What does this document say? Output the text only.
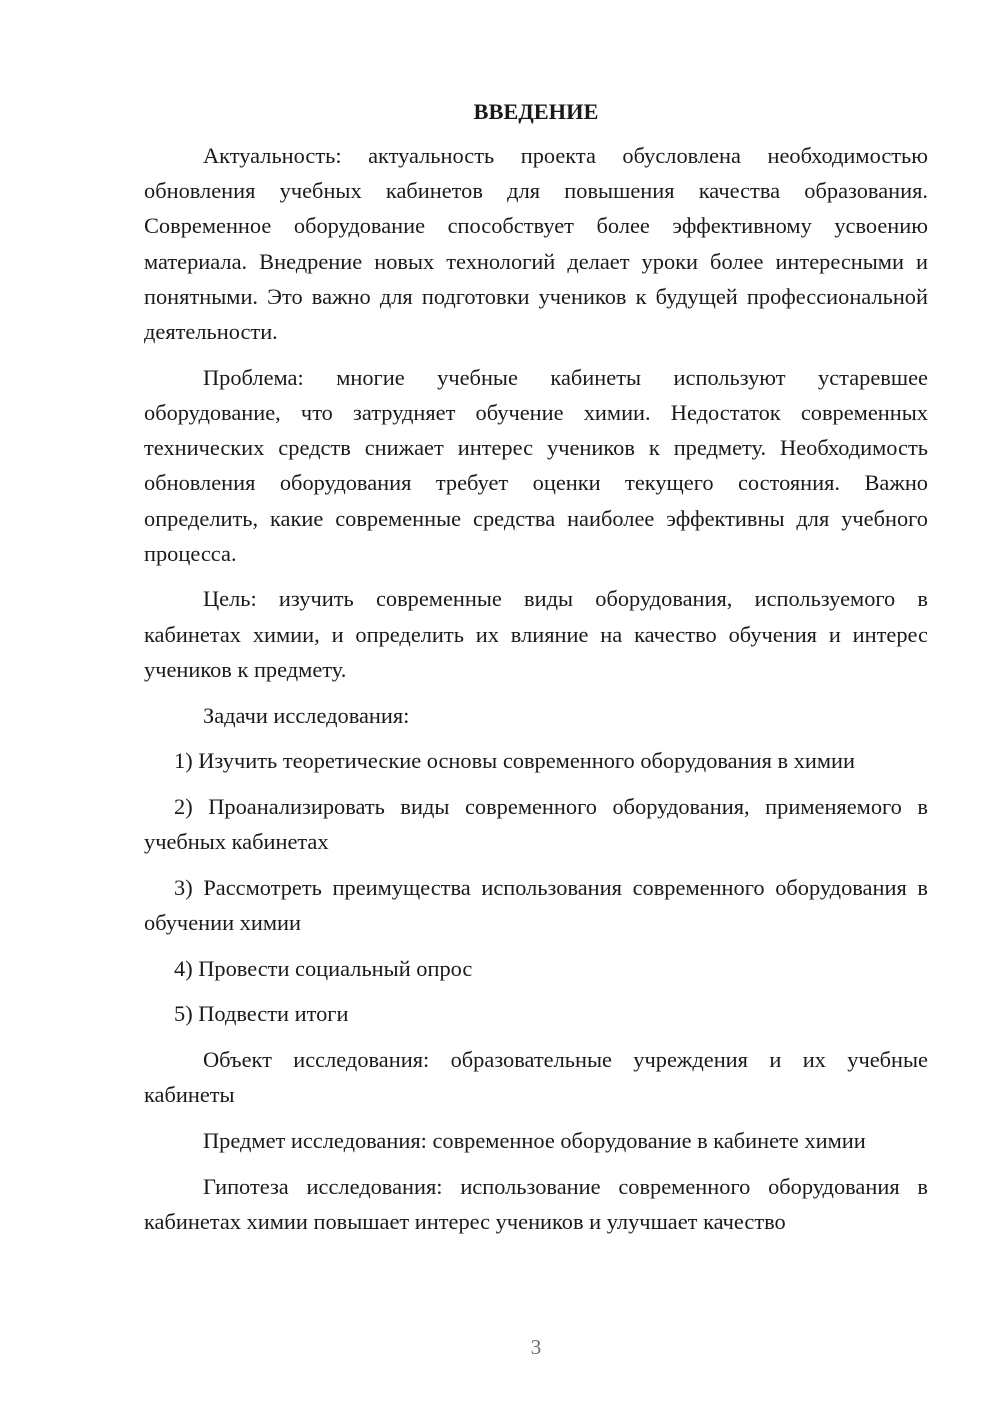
ВВЕДЕНИЕ

Актуальность: актуальность проекта обусловлена необходимостью обновления учебных кабинетов для повышения качества образования. Современное оборудование способствует более эффективному усвоению материала. Внедрение новых технологий делает уроки более интересными и понятными. Это важно для подготовки учеников к будущей профессиональной деятельности.

Проблема: многие учебные кабинеты используют устаревшее оборудование, что затрудняет обучение химии. Недостаток современных технических средств снижает интерес учеников к предмету. Необходимость обновления оборудования требует оценки текущего состояния. Важно определить, какие современные средства наиболее эффективны для учебного процесса.

Цель: изучить современные виды оборудования, используемого в кабинетах химии, и определить их влияние на качество обучения и интерес учеников к предмету.

Задачи исследования:

1) Изучить теоретические основы современного оборудования в химии

2) Проанализировать виды современного оборудования, применяемого в учебных кабинетах

3) Рассмотреть преимущества использования современного оборудования в обучении химии

4) Провести социальный опрос

5) Подвести итоги

Объект исследования: образовательные учреждения и их учебные кабинеты

Предмет исследования: современное оборудование в кабинете химии

Гипотеза исследования: использование современного оборудования в кабинетах химии повышает интерес учеников и улучшает качество

3
